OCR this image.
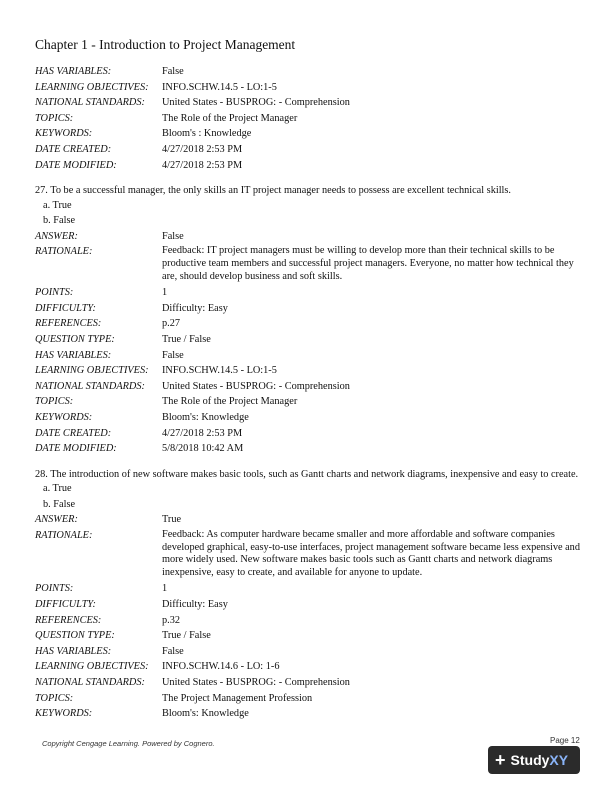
Chapter 1 - Introduction to Project Management
HAS VARIABLES:	False
LEARNING OBJECTIVES:	INFO.SCHW.14.5 - LO:1-5
NATIONAL STANDARDS:	United States - BUSPROG: - Comprehension
TOPICS:	The Role of the Project Manager
KEYWORDS:	Bloom's : Knowledge
DATE CREATED:	4/27/2018 2:53 PM
DATE MODIFIED:	4/27/2018 2:53 PM
27. To be a successful manager, the only skills an IT project manager needs to possess are excellent technical skills.
a. True
b. False
ANSWER:	False
RATIONALE:	Feedback: IT project managers must be willing to develop more than their technical skills to be productive team members and successful project managers. Everyone, no matter how technical they are, should develop business and soft skills.
POINTS:	1
DIFFICULTY:	Difficulty: Easy
REFERENCES:	p.27
QUESTION TYPE:	True / False
HAS VARIABLES:	False
LEARNING OBJECTIVES:	INFO.SCHW.14.5 - LO:1-5
NATIONAL STANDARDS:	United States - BUSPROG: - Comprehension
TOPICS:	The Role of the Project Manager
KEYWORDS:	Bloom's: Knowledge
DATE CREATED:	4/27/2018 2:53 PM
DATE MODIFIED:	5/8/2018 10:42 AM
28. The introduction of new software makes basic tools, such as Gantt charts and network diagrams, inexpensive and easy to create.
a. True
b. False
ANSWER:	True
RATIONALE:	Feedback: As computer hardware became smaller and more affordable and software companies developed graphical, easy-to-use interfaces, project management software became less expensive and more widely used. New software makes basic tools such as Gantt charts and network diagrams inexpensive, easy to create, and available for anyone to update.
POINTS:	1
DIFFICULTY:	Difficulty: Easy
REFERENCES:	p.32
QUESTION TYPE:	True / False
HAS VARIABLES:	False
LEARNING OBJECTIVES:	INFO.SCHW.14.6 - LO: 1-6
NATIONAL STANDARDS:	United States - BUSPROG: - Comprehension
TOPICS:	The Project Management Profession
KEYWORDS:	Bloom's: Knowledge
Copyright Cengage Learning. Powered by Cognero.	Page 12
+ Study XY
